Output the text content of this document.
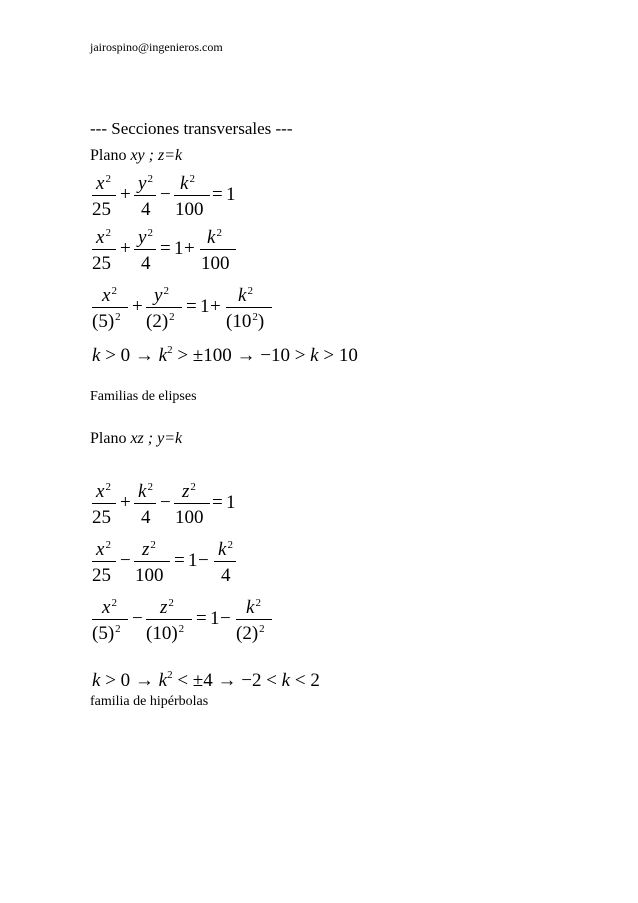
jairospino@ingenieros.com
--- Secciones transversales ---
Plano xy ; z=k
$x^2$
25
+
$y^2$
4
−
$k^2$
100
= 1
$x^2$
25
+
$y^2$
4
= 1 +
$k^2$
100
$x^2$
$(5)^2$ +
$y^2$
$(2)^2 = 1$ +
$k^2$
$(10^2)$
$k > 0 \to k^2 > \pm 100 \to -10 > k > 10$
Familias de elipses
Plano xz ; y=k
$x^2$
25
+
$k^2$
4
−
$z^2$
100
= 1
$x^2$
25
−
$z^2$
100
= 1 −
$k^2$
4
$x^2$
$(5)^2$ −
$z^2$
$(10)^2 = 1$ −
$k^2$
$(2)^2$
$k > 0 \to k^2 < \pm 4 \to -2 < k < 2$
familia de hipérbolas
